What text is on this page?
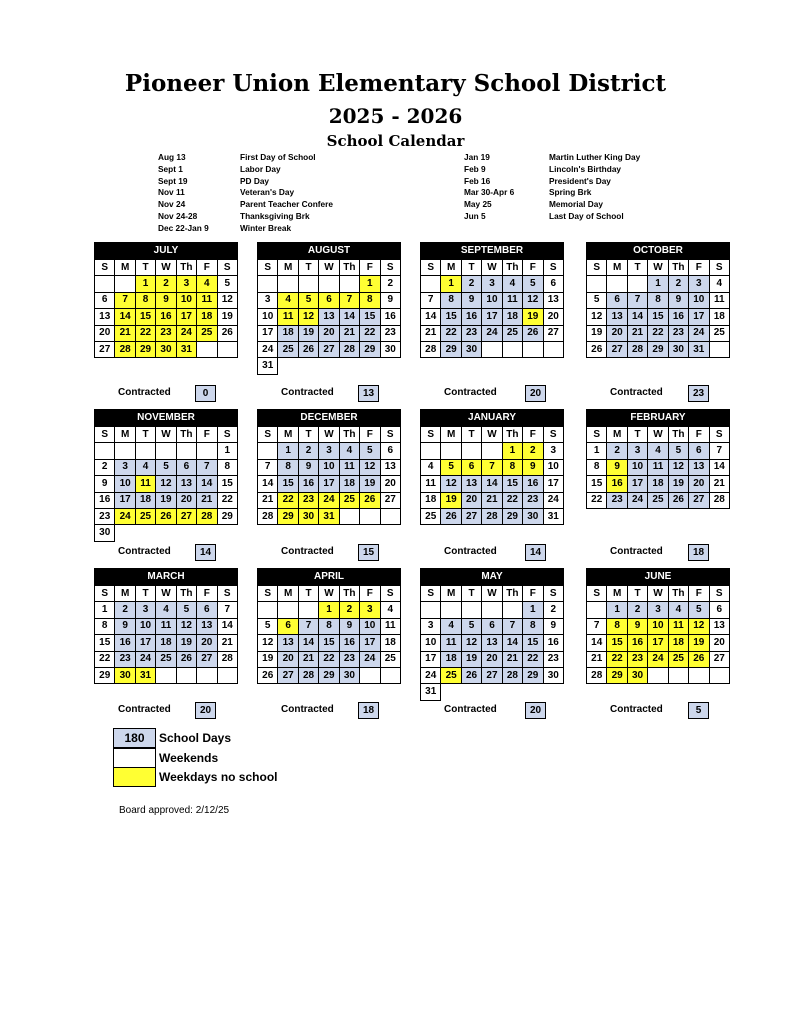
Pioneer Union Elementary School District
2025 - 2026
School Calendar
Aug 13	First Day of School
Sept 1	Labor Day
Sept 19	PD Day
Nov 11	Veteran's Day
Nov 24	Parent Teacher Confere
Nov 24-28	Thanksgiving Brk
Dec 22-Jan 9	Winter Break
Jan 19	Martin Luther King Day
Feb 9	Lincoln's Birthday
Feb 16	President's Day
Mar 30-Apr 6	Spring Brk
May 25	Memorial Day
Jun 5	Last Day of School
JULY
S	M	T	W	Th	F	S
		1	2	3	4	5
6	7	8	9	10	11	12
13	14	15	16	17	18	19
20	21	22	23	24	25	26
27	28	29	30	31		
Contracted	0
AUGUST
S	M	T	W	Th	F	S
					1	2
3	4	5	6	7	8	9
10	11	12	13	14	15	16
17	18	19	20	21	22	23
24	25	26	27	28	29	30
31						
Contracted	13
SEPTEMBER
S	M	T	W	Th	F	S
	1	2	3	4	5	6
7	8	9	10	11	12	13
14	15	16	17	18	19	20
21	22	23	24	25	26	27
28	29	30				
Contracted	20
OCTOBER
S	M	T	W	Th	F	S
			1	2	3	4
5	6	7	8	9	10	11
12	13	14	15	16	17	18
19	20	21	22	23	24	25
26	27	28	29	30	31	
Contracted	23
NOVEMBER
S	M	T	W	Th	F	S
						1
2	3	4	5	6	7	8
9	10	11	12	13	14	15
16	17	18	19	20	21	22
23	24	25	26	27	28	29
30						
Contracted	14
DECEMBER
S	M	T	W	Th	F	S
	1	2	3	4	5	6
7	8	9	10	11	12	13
14	15	16	17	18	19	20
21	22	23	24	25	26	27
28	29	30	31			
Contracted	15
JANUARY
S	M	T	W	Th	F	S
				1	2	3
4	5	6	7	8	9	10
11	12	13	14	15	16	17
18	19	20	21	22	23	24
25	26	27	28	29	30	31
Contracted	14
FEBRUARY
S	M	T	W	Th	F	S
1	2	3	4	5	6	7
8	9	10	11	12	13	14
15	16	17	18	19	20	21
22	23	24	25	26	27	28
Contracted	18
MARCH
S	M	T	W	Th	F	S
1	2	3	4	5	6	7
8	9	10	11	12	13	14
15	16	17	18	19	20	21
22	23	24	25	26	27	28
29	30	31				
Contracted	20
APRIL
S	M	T	W	Th	F	S
			1	2	3	4
5	6	7	8	9	10	11
12	13	14	15	16	17	18
19	20	21	22	23	24	25
26	27	28	29	30		
Contracted	18
MAY
S	M	T	W	Th	F	S
					1	2
3	4	5	6	7	8	9
10	11	12	13	14	15	16
17	18	19	20	21	22	23
24	25	26	27	28	29	30
31						
Contracted	20
JUNE
S	M	T	W	Th	F	S
	1	2	3	4	5	6
7	8	9	10	11	12	13
14	15	16	17	18	19	20
21	22	23	24	25	26	27
28	29	30				
Contracted	5
180	School Days
Weekends
Weekdays no school
Board approved: 2/12/25
